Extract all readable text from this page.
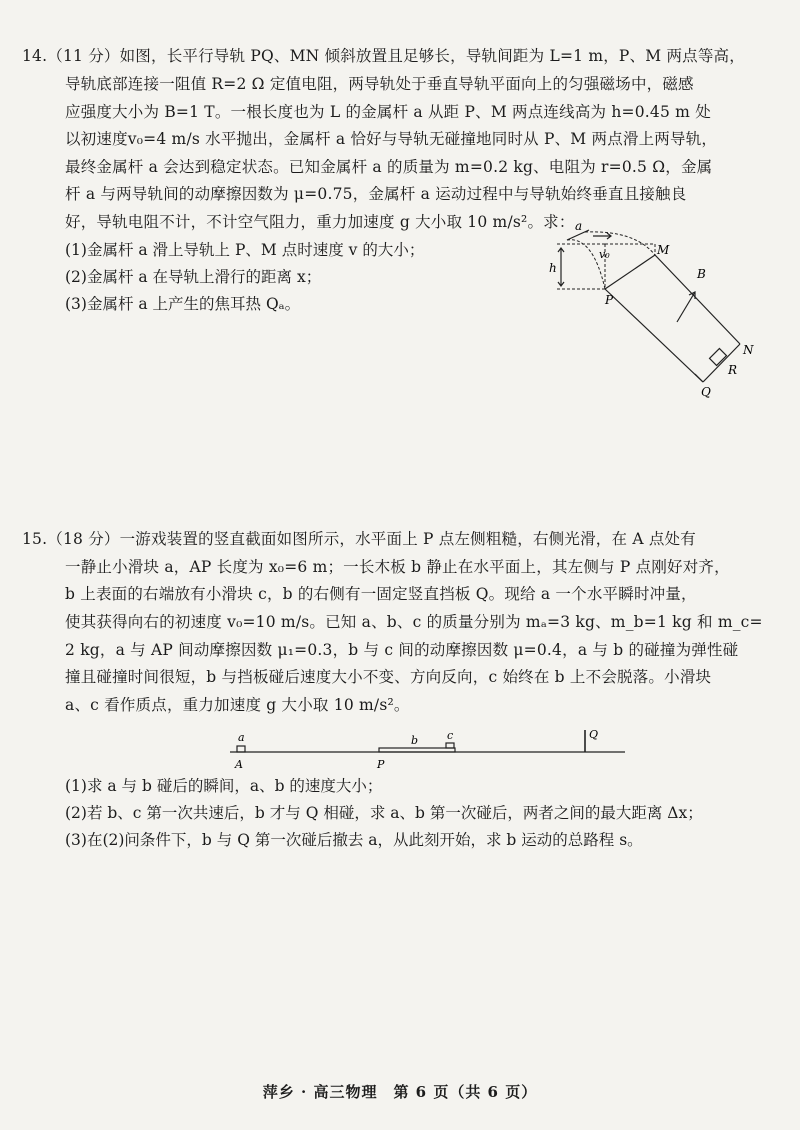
14.（11 分）如图，长平行导轨 PQ、MN 倾斜放置且足够长，导轨间距为 L=1 m，P、M 两点等高，
导轨底部连接一阻值 R=2 Ω 定值电阻，两导轨处于垂直导轨平面向上的匀强磁场中，磁感
应强度大小为 B=1 T。一根长度也为 L 的金属杆 a 从距 P、M 两点连线高为 h=0.45 m 处
以初速度v₀=4 m/s 水平抛出，金属杆 a 恰好与导轨无碰撞地同时从 P、M 两点滑上两导轨，
最终金属杆 a 会达到稳定状态。已知金属杆 a 的质量为 m=0.2 kg、电阻为 r=0.5 Ω，金属
杆 a 与两导轨间的动摩擦因数为 μ=0.75，金属杆 a 运动过程中与导轨始终垂直且接触良
好，导轨电阻不计，不计空气阻力，重力加速度 g 大小取 10 m/s²。求：
(1)金属杆 a 滑上导轨上 P、M 点时速度 v 的大小；
(2)金属杆 a 在导轨上滑行的距离 x；
(3)金属杆 a 上产生的焦耳热 Qₐ。
a
v₀
h
M
P
B
N
R
Q
15.（18 分）一游戏装置的竖直截面如图所示，水平面上 P 点左侧粗糙，右侧光滑，在 A 点处有
一静止小滑块 a，AP 长度为 x₀=6 m；一长木板 b 静止在水平面上，其左侧与 P 点刚好对齐，
b 上表面的右端放有小滑块 c，b 的右侧有一固定竖直挡板 Q。现给 a 一个水平瞬时冲量，
使其获得向右的初速度 v₀=10 m/s。已知 a、b、c 的质量分别为 mₐ=3 kg、m_b=1 kg 和 m_c=
2 kg，a 与 AP 间动摩擦因数 μ₁=0.3，b 与 c 间的动摩擦因数 μ=0.4，a 与 b 的碰撞为弹性碰
撞且碰撞时间很短，b 与挡板碰后速度大小不变、方向反向，c 始终在 b 上不会脱落。小滑块
a、c 看作质点，重力加速度 g 大小取 10 m/s²。
a	b	c	Q
A	P
(1)求 a 与 b 碰后的瞬间，a、b 的速度大小；
(2)若 b、c 第一次共速后，b 才与 Q 相碰，求 a、b 第一次碰后，两者之间的最大距离 Δx；
(3)在(2)问条件下，b 与 Q 第一次碰后撤去 a，从此刻开始，求 b 运动的总路程 s。
萍乡 · 高三物理　第 6 页（共 6 页）
